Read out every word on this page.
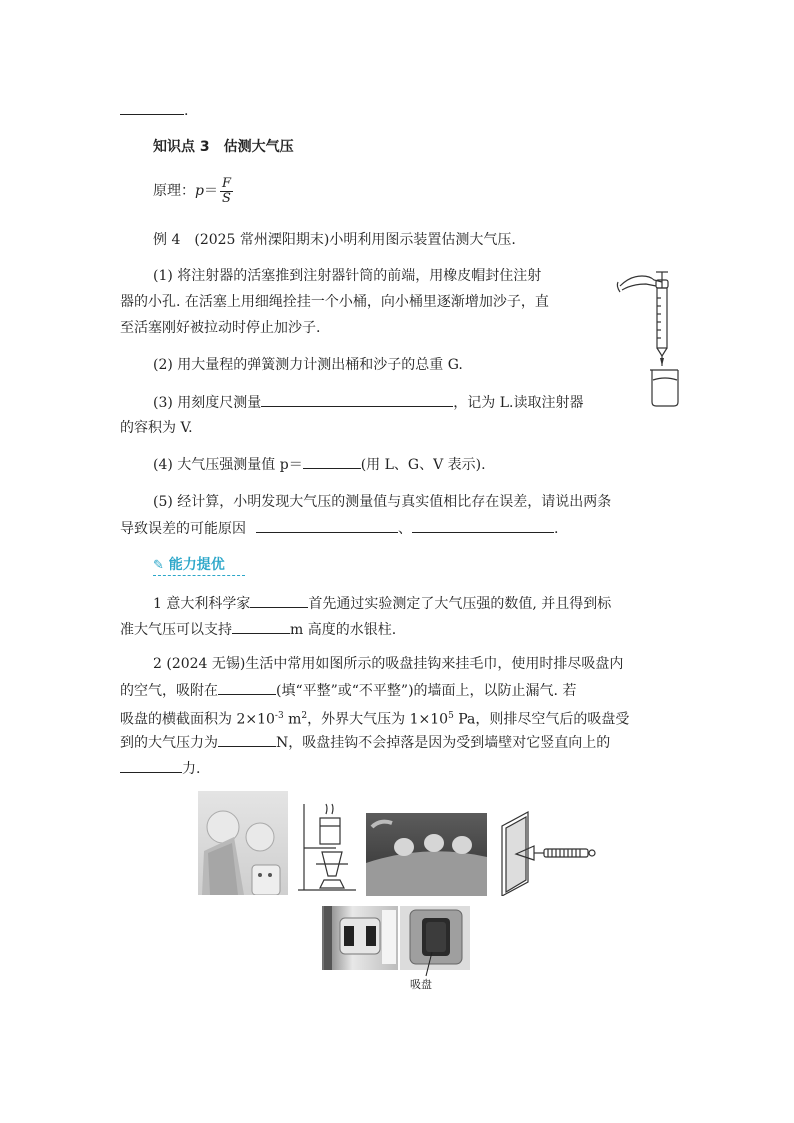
.
知识点 3　估测大气压
原理：$p= \frac{F}{S}$
例 4　(2025 常州溧阳期末)小明利用图示装置估测大气压.
(1) 将注射器的活塞推到注射器针筒的前端，用橡皮帽封住注射
器的小孔. 在活塞上用细绳拴挂一个小桶，向小桶里逐渐增加沙子，直
至活塞刚好被拉动时停止加沙子.
(2) 用大量程的弹簧测力计测出桶和沙子的总重 G.
(3) 用刻度尺测量	，记为 L.读取注射器
的容积为 V.
(4) 大气压强测量值 p＝	(用 L、G、V 表示).
(5) 经计算，小明发现大气压的测量值与真实值相比存在误差，请说出两条
导致误差的可能原因	、	.
✎ 能力提优
1 意大利科学家	首先通过实验测定了大气压强的数值, 并且得到标
准大气压可以支持	m 高度的水银柱.
2 (2024 无锡)生活中常用如图所示的吸盘挂钩来挂毛巾，使用时排尽吸盘内
的空气，吸附在	(填“平整”或“不平整”)的墙面上，以防止漏气. 若
吸盘的横截面积为 $2\times 10^{-3}$ $m^2$，外界大气压为 $1\times 10^5$ Pa，则排尽空气后的吸盘受
到的大气压力为	N，吸盘挂钩不会掉落是因为受到墙壁对它竖直向上的
力.
吸盘
